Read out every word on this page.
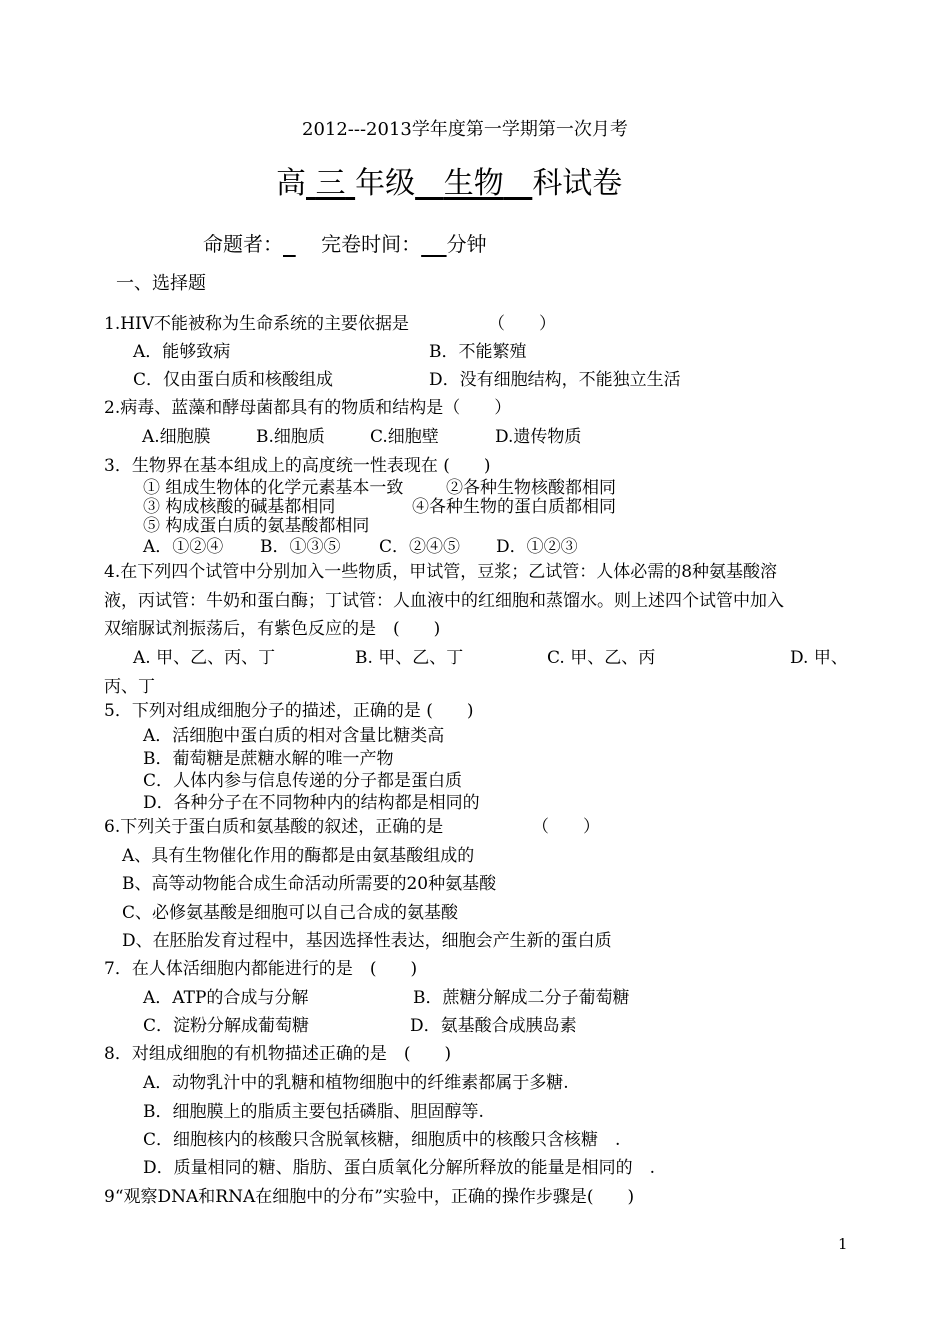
2012---2013学年度第一学期第一次月考
高 三 年级 生物 科试卷
命题者： 完卷时间： 分钟
一、选择题
1.HIV不能被称为生命系统的主要依据是	（　　）
A．能够致病	B．不能繁殖
C．仅由蛋白质和核酸组成	D．没有细胞结构，不能独立生活
2.病毒、蓝藻和酵母菌都具有的物质和结构是（　　）
A.细胞膜	B.细胞质	C.细胞壁	D.遗传物质
3．生物界在基本组成上的高度统一性表现在 (　　)
① 组成生物体的化学元素基本一致	②各种生物核酸都相同
③ 构成核酸的碱基都相同	④各种生物的蛋白质都相同
⑤ 构成蛋白质的氨基酸都相同
A．①②④ B．①③⑤ C．②④⑤ D．①②③
4.在下列四个试管中分别加入一些物质，甲试管，豆浆；乙试管：人体必需的8种氨基酸溶
液，丙试管：牛奶和蛋白酶；丁试管：人血液中的红细胞和蒸馏水。则上述四个试管中加入
双缩脲试剂振荡后，有紫色反应的是　(　　)
A. 甲、乙、丙、丁	B. 甲、乙、丁	C. 甲、乙、丙	D. 甲、
丙、丁
5．下列对组成细胞分子的描述，正确的是 (　　)
A．活细胞中蛋白质的相对含量比糖类高
B．葡萄糖是蔗糖水解的唯一产物
C．人体内参与信息传递的分子都是蛋白质
D．各种分子在不同物种内的结构都是相同的
6.下列关于蛋白质和氨基酸的叙述，正确的是	（　　）
A、具有生物催化作用的酶都是由氨基酸组成的
B、高等动物能合成生命活动所需要的20种氨基酸
C、必修氨基酸是细胞可以自己合成的氨基酸
D、在胚胎发育过程中，基因选择性表达，细胞会产生新的蛋白质
7．在人体活细胞内都能进行的是　(　　)
A．ATP的合成与分解	B．蔗糖分解成二分子葡萄糖
C．淀粉分解成葡萄糖	D．氨基酸合成胰岛素
8．对组成细胞的有机物描述正确的是　(　　)
A．动物乳汁中的乳糖和植物细胞中的纤维素都属于多糖.
B．细胞膜上的脂质主要包括磷脂、胆固醇等.
C．细胞核内的核酸只含脱氧核糖，细胞质中的核酸只含核糖　.
D．质量相同的糖、脂肪、蛋白质氧化分解所释放的能量是相同的　.
9“观察DNA和RNA在细胞中的分布”实验中，正确的操作步骤是(　　)
1
